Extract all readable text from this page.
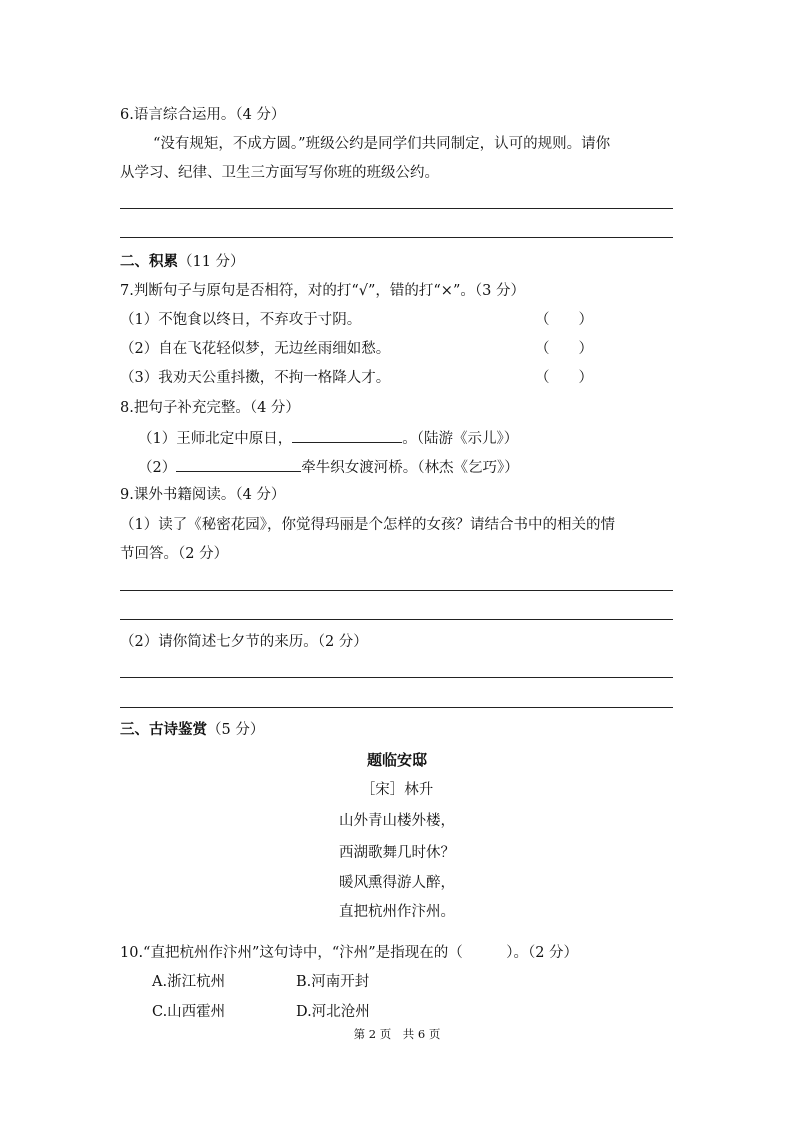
6.语言综合运用。（4 分）
“没有规矩，不成方圆。”班级公约是同学们共同制定，认可的规则。请你
从学习、纪律、卫生三方面写写你班的班级公约。
二、积累（11 分）
7.判断句子与原句是否相符，对的打“√”，错的打“×”。（3 分）
（1）不饱食以终日，不弃攻于寸阴。	（　　）
（2）自在飞花轻似梦，无边丝雨细如愁。	（　　）
（3）我劝天公重抖擞，不拘一格降人才。	（　　）
8.把句子补充完整。（4 分）
（1）王师北定中原日，	。（陆游《示儿》）
（2）	牵牛织女渡河桥。（林杰《乞巧》）
9.课外书籍阅读。（4 分）
（1）读了《秘密花园》，你觉得玛丽是个怎样的女孩？请结合书中的相关的情
节回答。（2 分）
（2）请你简述七夕节的来历。（2 分）
三、古诗鉴赏（5 分）
题临安邸
［宋］林升
山外青山楼外楼，
西湖歌舞几时休？
暖风熏得游人醉，
直把杭州作汴州。
10.“直把杭州作汴州”这句诗中，“汴州”是指现在的（　　　）。（2 分）
A.浙江杭州	B.河南开封
C.山西霍州	D.河北沧州
第 2 页　共 6 页
